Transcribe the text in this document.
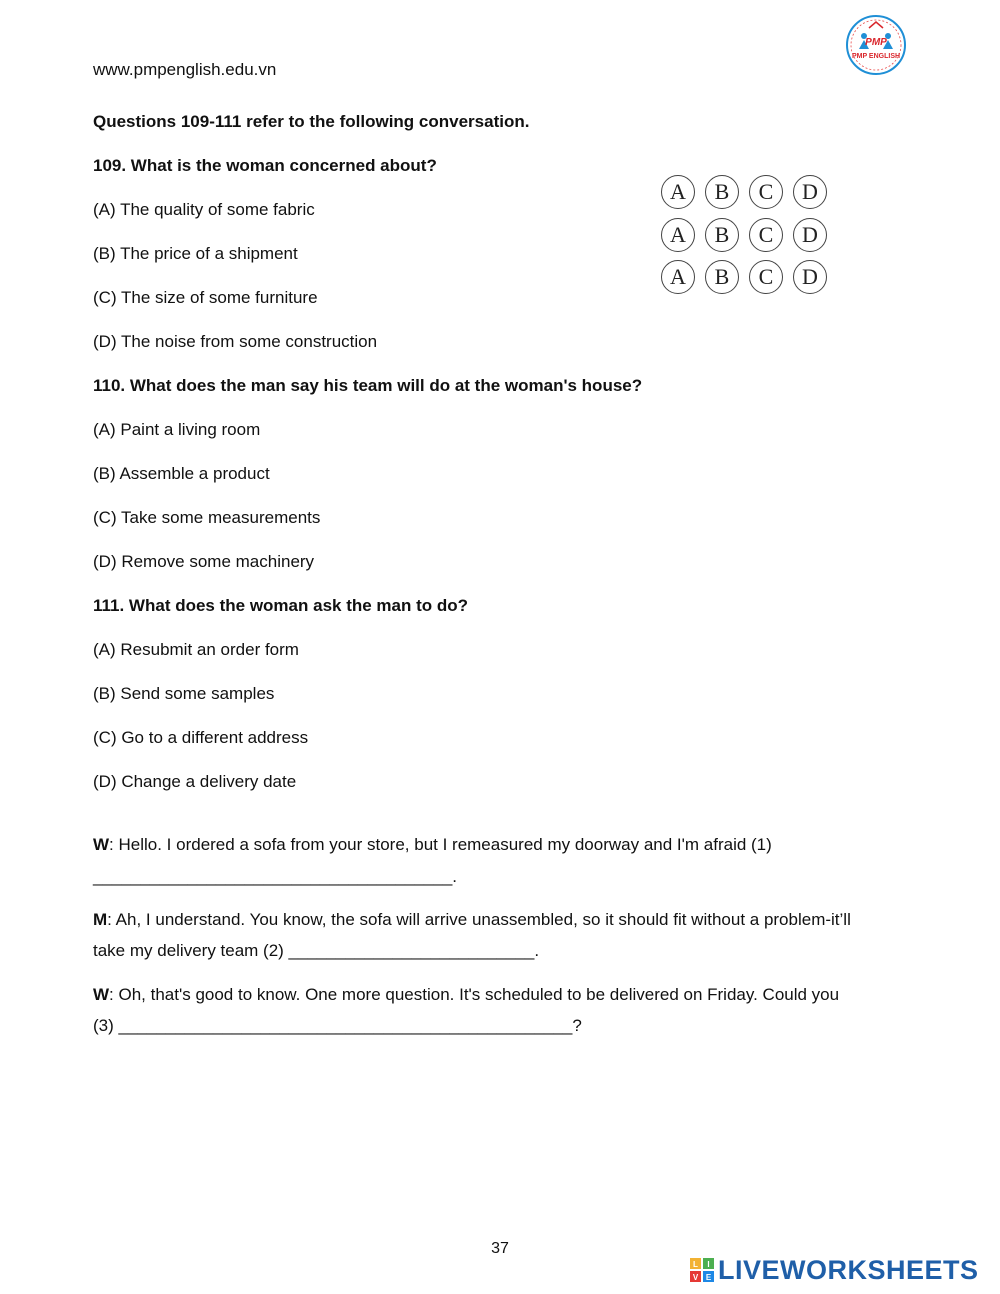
www.pmpenglish.edu.vn
PMP
PMP ENGLISH
Questions 109-111 refer to the following conversation.
109. What is the woman concerned about?
(A) The quality of some fabric
(B) The price of a shipment
(C) The size of some furniture
(D) The noise from some construction
110. What does the man say his team will do at the woman's house?
(A) Paint a living room
(B) Assemble a product
(C) Take some measurements
(D) Remove some machinery
111. What does the woman ask the man to do?
(A) Resubmit an order form
(B) Send some samples
(C) Go to a different address
(D) Change a delivery date
A	B	C	D
A	B	C	D
A	B	C	D
W: Hello. I ordered a sofa from your store, but I remeasured my doorway and I'm afraid (1)
______________________________________.
M: Ah, I understand. You know, the sofa will arrive unassembled, so it should fit without a problem-it’ll
take my delivery team (2) __________________________.
W: Oh, that's good to know. One more question. It's scheduled to be delivered on Friday. Could you
(3) ________________________________________________?
37
L I
V E LIVEWORKSHEETS
